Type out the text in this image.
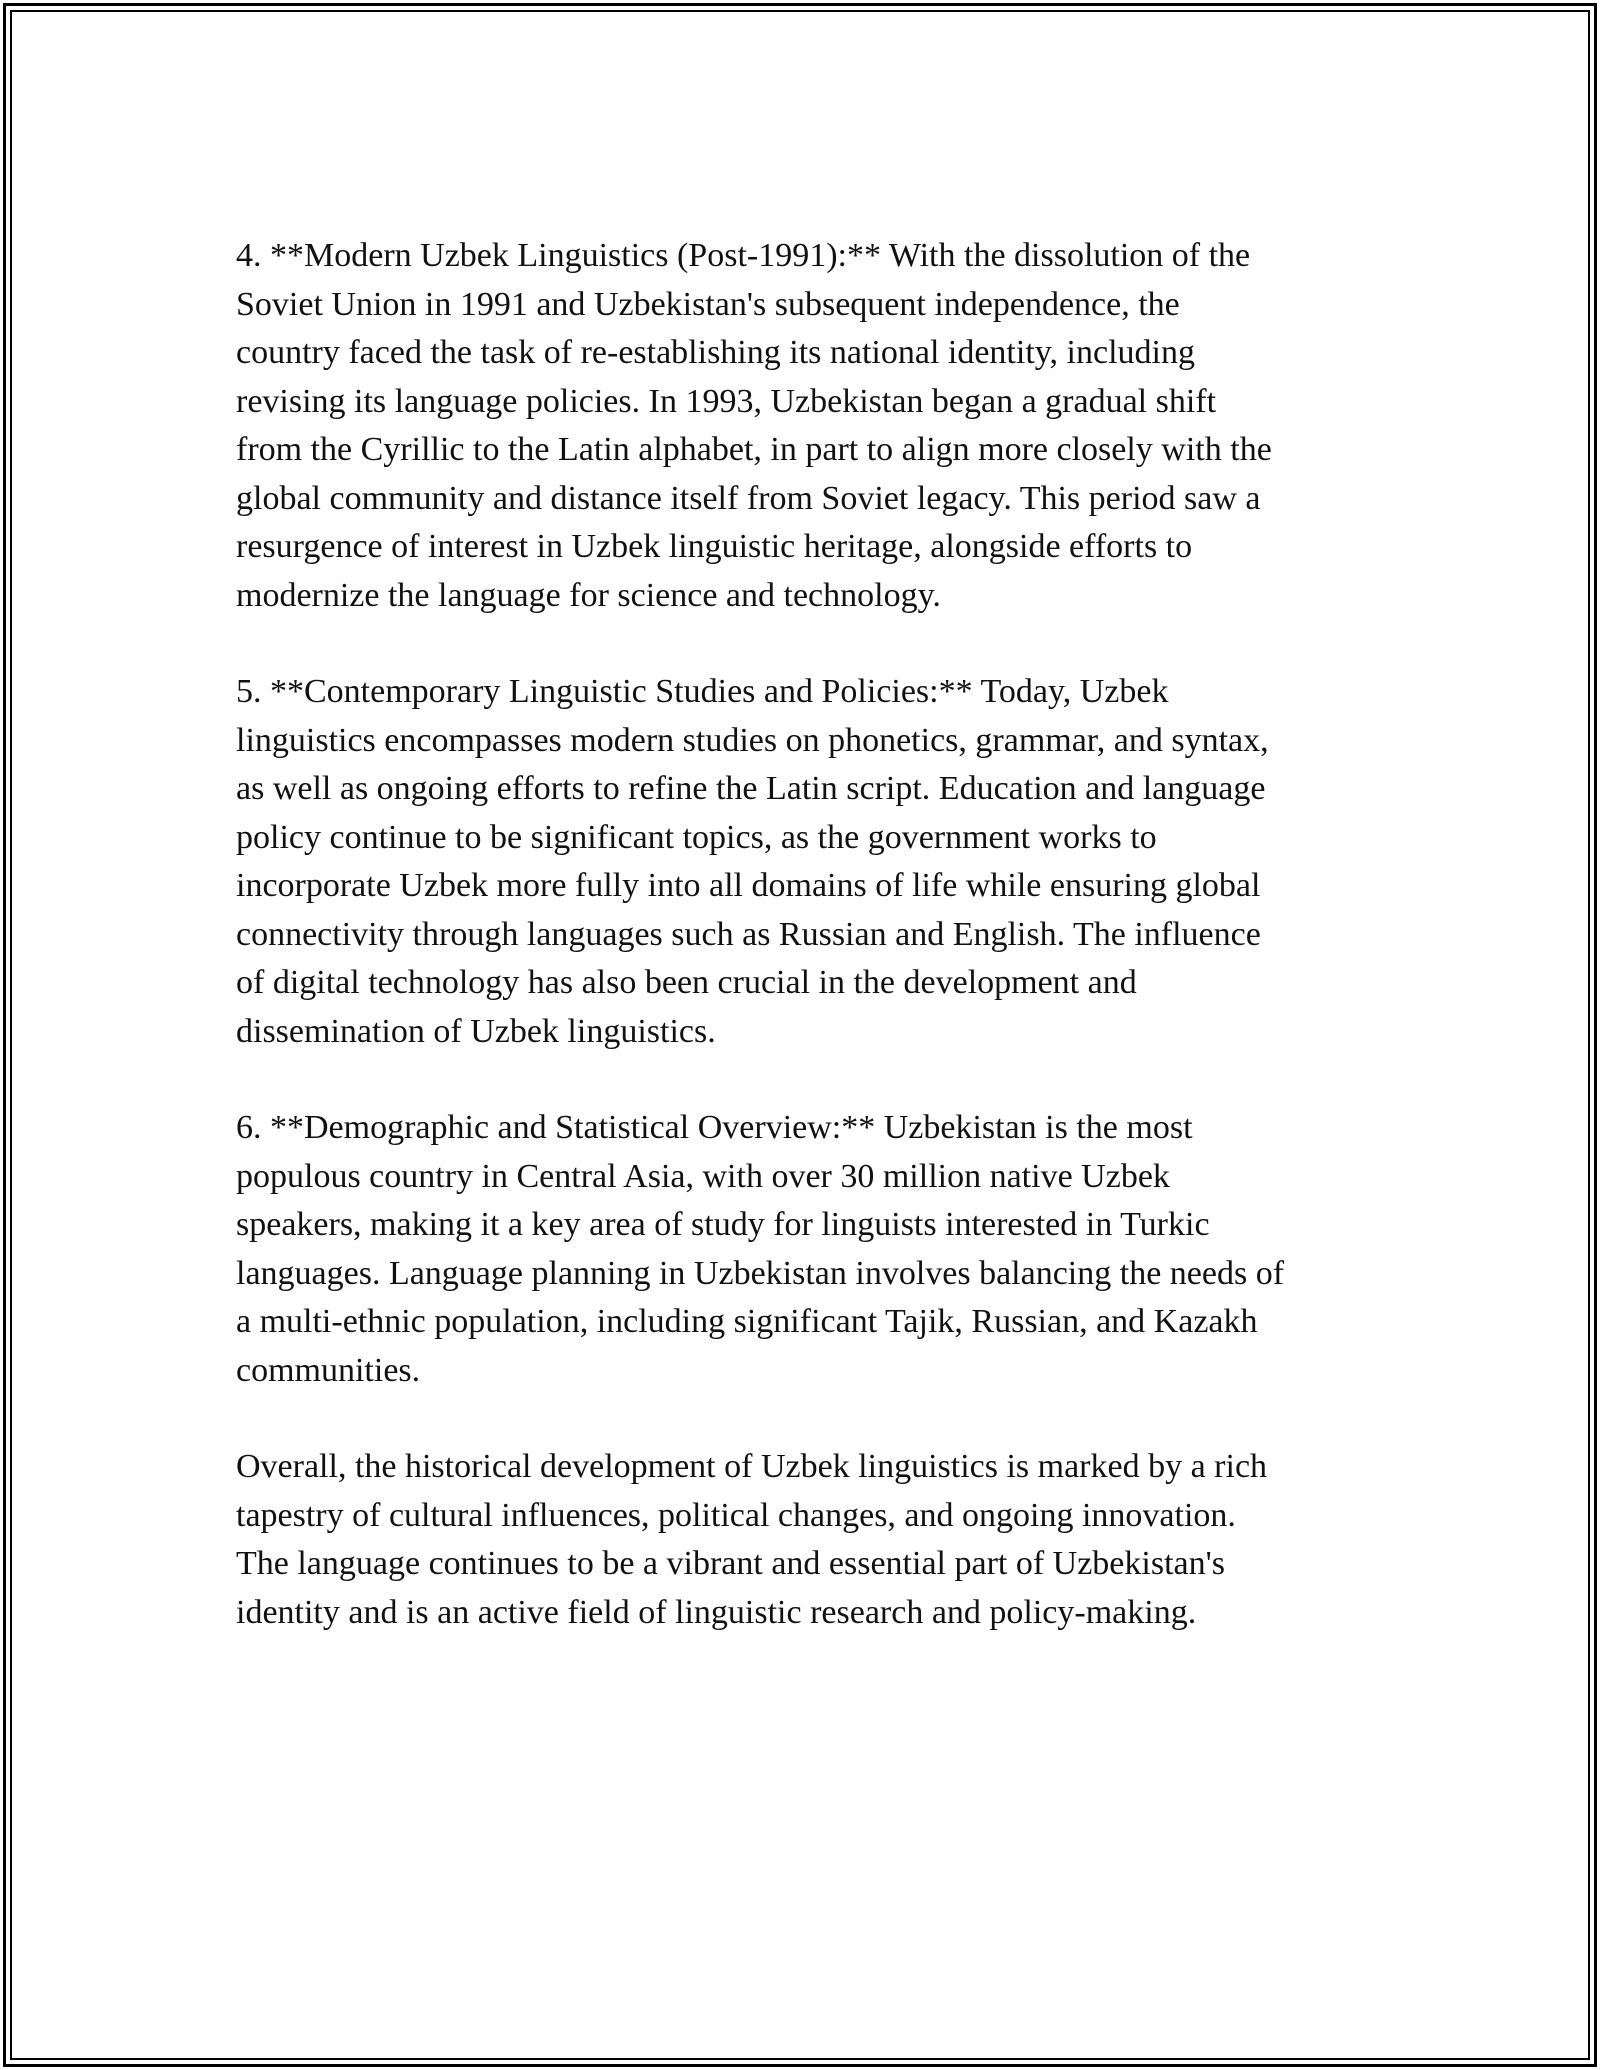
4. **Modern Uzbek Linguistics (Post-1991):** With the dissolution of the
Soviet Union in 1991 and Uzbekistan's subsequent independence, the
country faced the task of re-establishing its national identity, including
revising its language policies. In 1993, Uzbekistan began a gradual shift
from the Cyrillic to the Latin alphabet, in part to align more closely with the
global community and distance itself from Soviet legacy. This period saw a
resurgence of interest in Uzbek linguistic heritage, alongside efforts to
modernize the language for science and technology.

5. **Contemporary Linguistic Studies and Policies:** Today, Uzbek
linguistics encompasses modern studies on phonetics, grammar, and syntax,
as well as ongoing efforts to refine the Latin script. Education and language
policy continue to be significant topics, as the government works to
incorporate Uzbek more fully into all domains of life while ensuring global
connectivity through languages such as Russian and English. The influence
of digital technology has also been crucial in the development and
dissemination of Uzbek linguistics.

6. **Demographic and Statistical Overview:** Uzbekistan is the most
populous country in Central Asia, with over 30 million native Uzbek
speakers, making it a key area of study for linguists interested in Turkic
languages. Language planning in Uzbekistan involves balancing the needs of
a multi-ethnic population, including significant Tajik, Russian, and Kazakh
communities.

Overall, the historical development of Uzbek linguistics is marked by a rich
tapestry of cultural influences, political changes, and ongoing innovation.
The language continues to be a vibrant and essential part of Uzbekistan's
identity and is an active field of linguistic research and policy-making.
